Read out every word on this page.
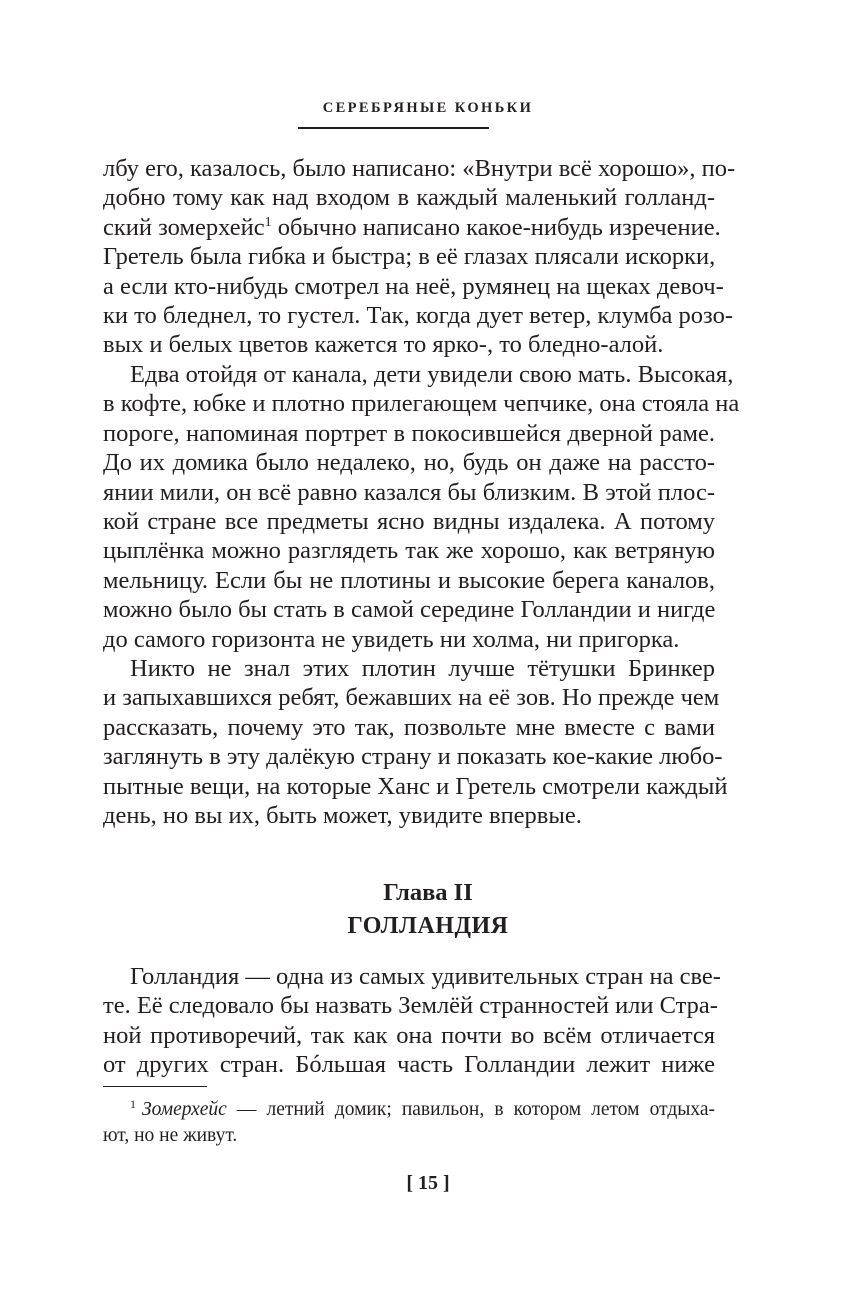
СЕРЕБРЯНЫЕ КОНЬКИ
лбу его, казалось, было написано: «Внутри всё хорошо», по-
добно тому как над входом в каждый маленький голланд-
ский зомерхейс$^1$ обычно написано какое-нибудь изречение.
Гретель была гибка и быстра; в её глазах плясали искорки,
а если кто-нибудь смотрел на неё, румянец на щеках девоч-
ки то бледнел, то густел. Так, когда дует ветер, клумба розо-
вых и белых цветов кажется то ярко-, то бледно-алой.
Едва отойдя от канала, дети увидели свою мать. Высокая,
в кофте, юбке и плотно прилегающем чепчике, она стояла на
пороге, напоминая портрет в покосившейся дверной раме.
До их домика было недалеко, но, будь он даже на рассто-
янии мили, он всё равно казался бы близким. В этой плос-
кой стране все предметы ясно видны издалека. А потому
цыплёнка можно разглядеть так же хорошо, как ветряную
мельницу. Если бы не плотины и высокие берега каналов,
можно было бы стать в самой середине Голландии и нигде
до самого горизонта не увидеть ни холма, ни пригорка.
Никто не знал этих плотин лучше тётушки Бринкер
и запыхавшихся ребят, бежавших на её зов. Но прежде чем
рассказать, почему это так, позвольте мне вместе с вами
заглянуть в эту далёкую страну и показать кое-какие любо-
пытные вещи, на которые Ханс и Гретель смотрели каждый
день, но вы их, быть может, увидите впервые.
Глава II
ГОЛЛАНДИЯ
Голландия — одна из самых удивительных стран на све-
те. Её следовало бы назвать Землёй странностей или Стра-
ной противоречий, так как она почти во всём отличается
от других стран. Бóльшая часть Голландии лежит ниже
$^1$ Зомерхейс — летний домик; павильон, в котором летом отдыха-
ют, но не живут.
[ 15 ]
